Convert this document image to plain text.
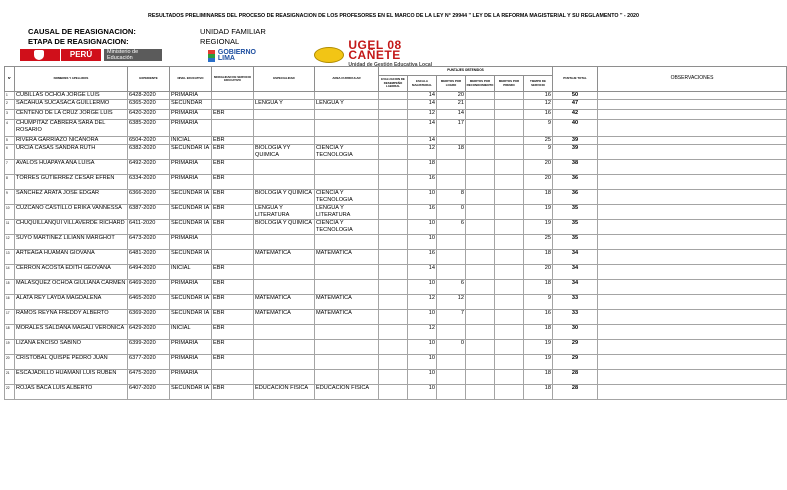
RESULTADOS PRELIMINARES DEL PROCESO DE REASIGNACION DE LOS PROFESORES EN EL MARCO DE LA LEY N° 29944 " LEY DE LA REFORMA MAGISTERIAL Y SU REGLAMENTO " - 2020
CAUSAL DE REASIGNACION:	UNIDAD FAMILIAR
ETAPA DE REASIGNACION:	REGIONAL
PERÚ	Ministerio de Educación
GOBIERNO LIMA
UGEL 08 CAÑETE
Unidad de Gestión Educativa Local
N°	NOMBRES Y APELLIDOS	EXPEDIENTE	NIVEL EDUCATIVO	MODALIDAD DE SERVICIO EDUCATIVO	ESPECIALIDAD	AREA CURRICULAR	PUNTAJES OBTENIDOS						PUNTAJE TOTAL	OBSERVACIONES
							EVALUACION DE DESEMPEÑO LABORAL	ESCALA MAGISTERIAL	MERITOS POR LOGRO	MERITOS POR RECONOCIMIENTO	MERITOS POR PREMIO	TIEMPO DE SERVICIO		
1	CUBILLAS OCHOA JORGE LUIS	6428-2020	PRIMARIA					14	20			16	50	
2	SACAHUA SUCASACA GUILLERMO	6365-2020	SECUNDAR		LENGUA Y	LENGUA Y		14	21			12	47	
3	CENTENO DE LA CRUZ JORGE LUIS	6420-2020	PRIMARIA	EBR				12	14			16	42	
4	CHUMPITAZ CABRERA SARA DEL ROSARIO	6385-2020	PRIMARIA					14	17			9	40	
5	RIVERA GARRIAZO NICANORA	6504-2020	INICIAL	EBR				14				25	39	
6	URCIA CASAS SANDRA RUTH	6382-2020	SECUNDAR IA	EBR	BIOLOGIA YY QUIMICA	CIENCIA Y TECNOLOGIA		12	18			9	39	
7	AVALOS HUAPAYA ANA LUISA	6492-2020	PRIMARIA	EBR				18				20	38	
8	TORRES GUTIERREZ CESAR EFREN	6334-2020	PRIMARIA	EBR				16				20	36	
9	SANCHEZ ARATA JOSE EDGAR	6366-2020	SECUNDAR IA	EBR	BIOLOGIA Y QUIMICA	CIENCIA Y TECNOLOGIA		10	8			18	36	
10	CUZCANO CASTILLO ERIKA VANNESSA	6387-2020	SECUNDAR IA	EBR	LENGUA Y LITERATURA	LENGUA Y LITERATURA		16	0			19	35	
11	CHUQUILLANQUI VILLAVERDE RICHARD	6411-2020	SECUNDAR IA	EBR	BIOLOGIA Y QUIMICA	CIENCIA Y TECNOLOGIA		10	6			19	35	
12	SUYO MARTINEZ LILIANN MARGHOT	6473-2020	PRIMARIA					10				25	35	
13	ARTEAGA HUAMAN GIOVANA	6481-2020	SECUNDAR IA		MATEMATICA	MATEMATICA		16				18	34	
14	CERRON ACOSTA EDITH GEOVANA	6494-2020	INICIAL	EBR				14				20	34	
15	MALASQUEZ OCHOA GIULIANA CARMEN	6469-2020	PRIMARIA	EBR				10	6			18	34	
16	ALATA REY LAYDA MAGDALENA	6465-2020	SECUNDAR IA	EBR	MATEMATICA	MATEMATICA		12	12			9	33	
17	RAMOS REYNA FREDDY ALBERTO	6369-2020	SECUNDAR IA	EBR	MATEMATICA	MATEMATICA		10	7			16	33	
18	MORALES SALDAÑA MAGALI VERONICA	6429-2020	INICIAL	EBR				12				18	30	
19	LIZANA ENCISO SABINO	6399-2020	PRIMARIA	EBR				10	0			19	29	
20	CRISTOBAL QUISPE PEDRO JUAN	6377-2020	PRIMARIA	EBR				10				19	29	
21	ESCAJADILLO HUAMANI LUIS RUBEN	6475-2020	PRIMARIA					10				18	28	
22	ROJAS BACA LUIS ALBERTO	6407-2020	SECUNDAR IA	EBR	EDUCACION FISICA	EDUCACION FISICA		10				18	28	
